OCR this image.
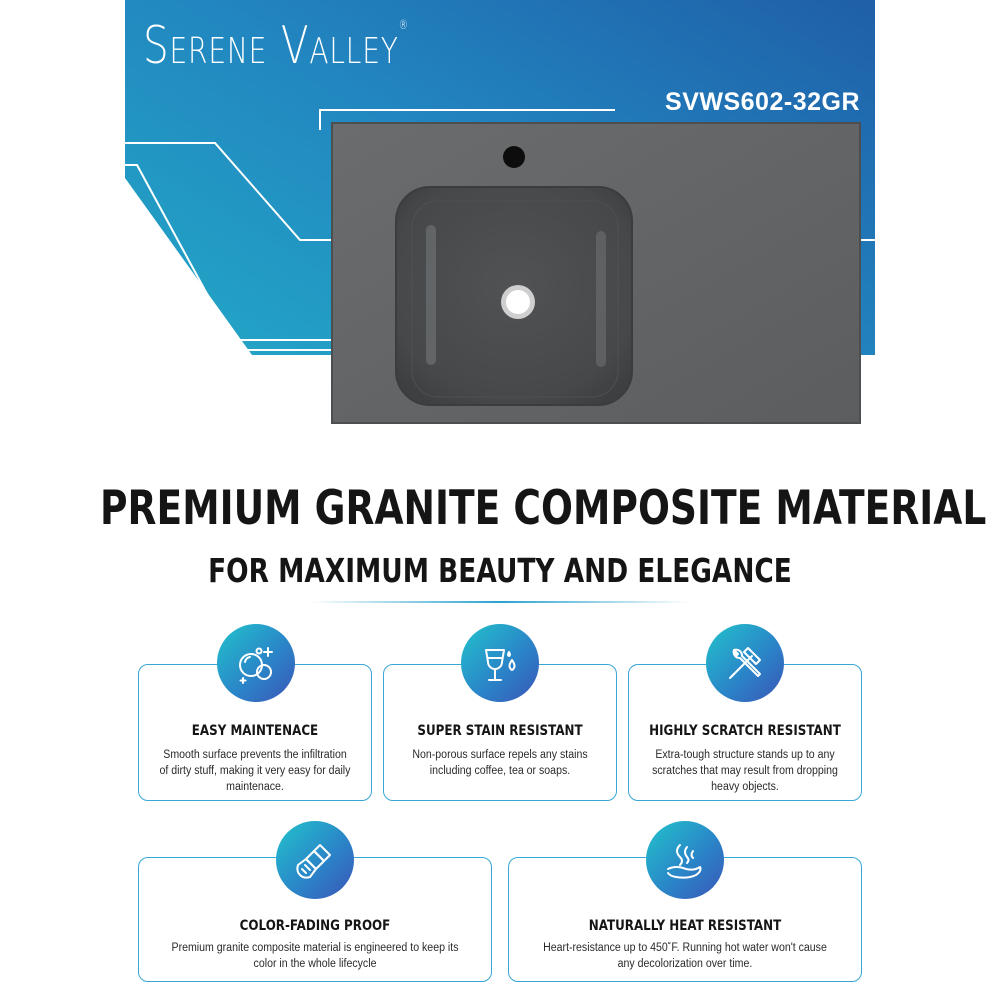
Serene Valley®
SVWS602-32GR
PREMIUM GRANITE COMPOSITE MATERIAL
FOR MAXIMUM BEAUTY AND ELEGANCE
EASY MAINTENACE
Smooth surface prevents the infiltration of dirty stuff, making it very easy for daily maintenace.
SUPER STAIN RESISTANT
Non-porous surface repels any stains including coffee, tea or soaps.
HIGHLY SCRATCH RESISTANT
Extra-tough structure stands up to any scratches that may result from dropping heavy objects.
COLOR-FADING PROOF
Premium granite composite material is engineered to keep its color in the whole lifecycle
NATURALLY HEAT RESISTANT
Heart-resistance up to 450˚F. Running hot water won't cause any decolorization over time.
